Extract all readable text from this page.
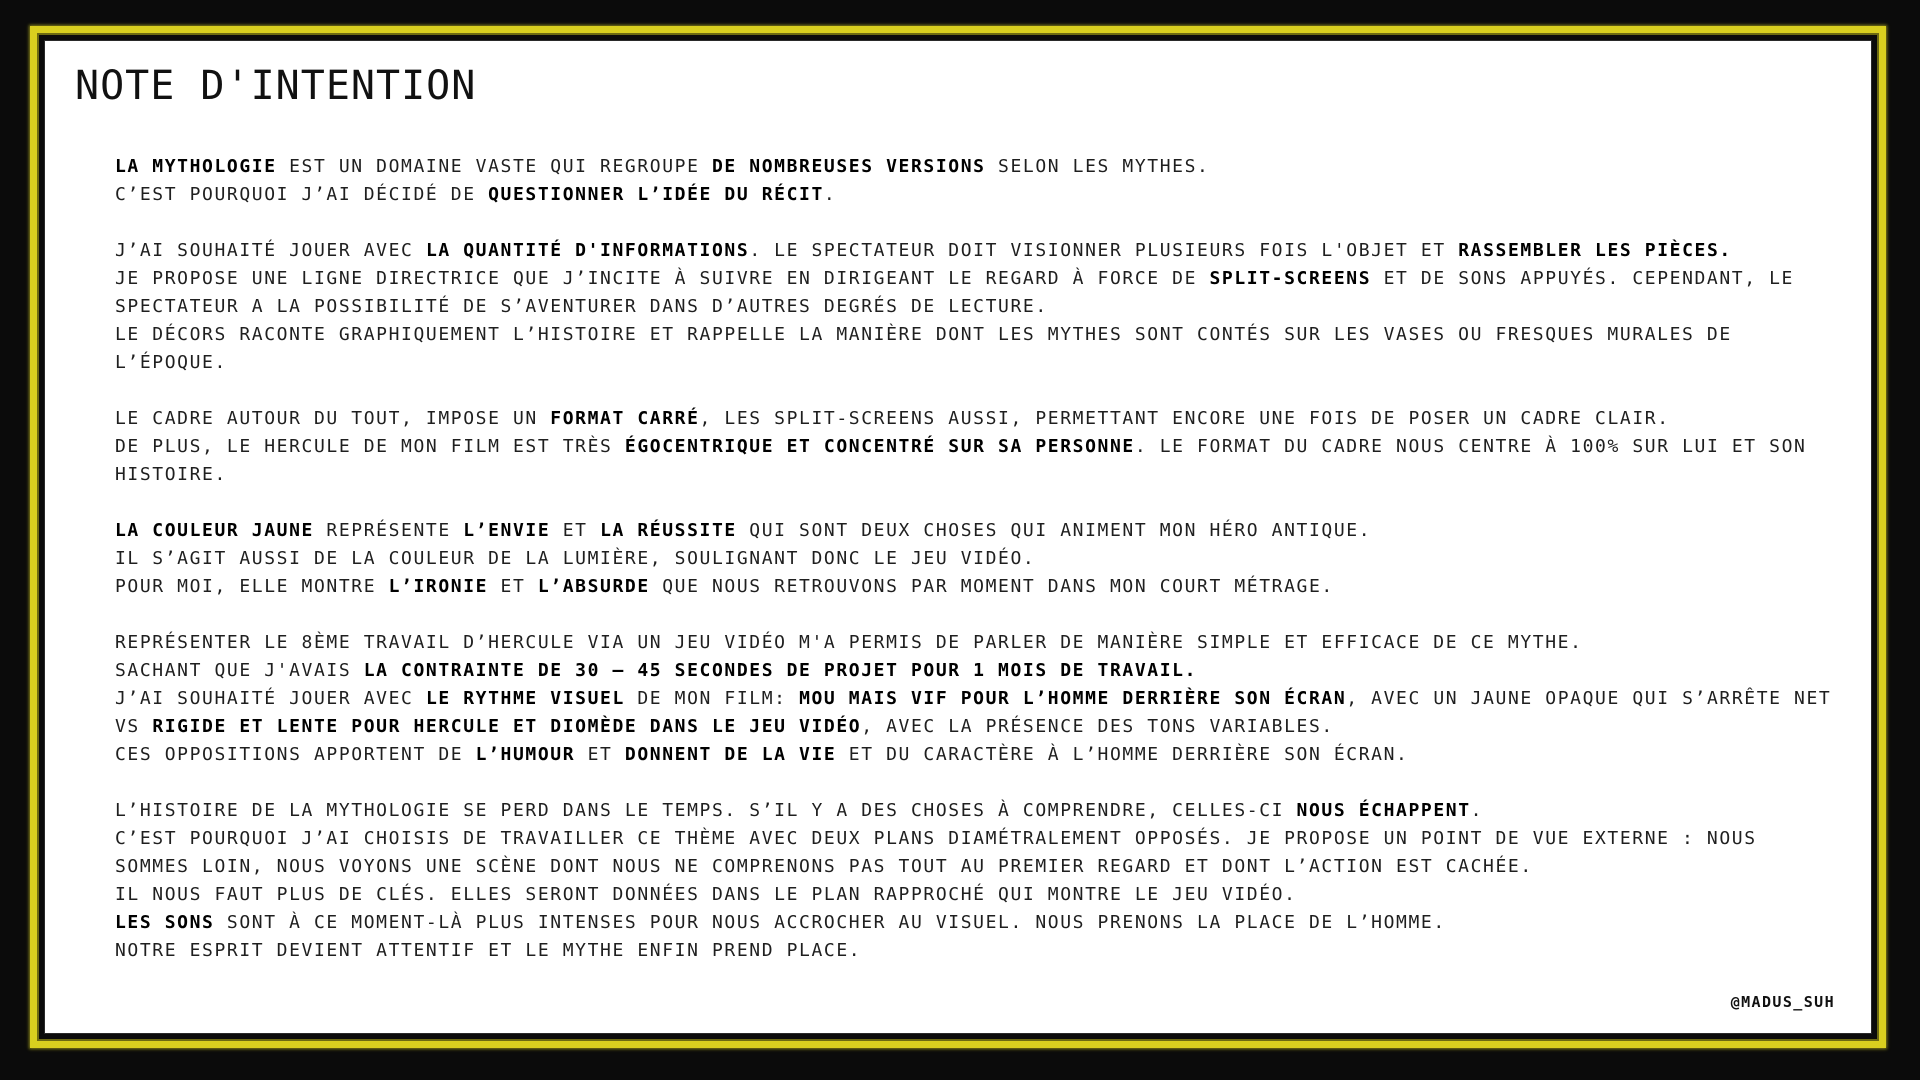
NOTE D'INTENTION
LA MYTHOLOGIE EST UN DOMAINE VASTE QUI REGROUPE DE NOMBREUSES VERSIONS SELON LES MYTHES.
C’EST POURQUOI J’AI DÉCIDÉ DE QUESTIONNER L’IDÉE DU RÉCIT.
J’AI SOUHAITÉ JOUER AVEC LA QUANTITÉ D'INFORMATIONS. LE SPECTATEUR DOIT VISIONNER PLUSIEURS FOIS L'OBJET ET RASSEMBLER LES PIÈCES.
JE PROPOSE UNE LIGNE DIRECTRICE QUE J’INCITE À SUIVRE EN DIRIGEANT LE REGARD À FORCE DE SPLIT-SCREENS ET DE SONS APPUYÉS. CEPENDANT, LE SPECTATEUR A LA POSSIBILITÉ DE S’AVENTURER DANS D’AUTRES DEGRÉS DE LECTURE.
LE DÉCORS RACONTE GRAPHIQUEMENT L’HISTOIRE ET RAPPELLE LA MANIÈRE DONT LES MYTHES SONT CONTÉS SUR LES VASES OU FRESQUES MURALES DE L’ÉPOQUE.
LE CADRE AUTOUR DU TOUT, IMPOSE UN FORMAT CARRÉ, LES SPLIT-SCREENS AUSSI, PERMETTANT ENCORE UNE FOIS DE POSER UN CADRE CLAIR.
DE PLUS, LE HERCULE DE MON FILM EST TRÈS ÉGOCENTRIQUE ET CONCENTRÉ SUR SA PERSONNE. LE FORMAT DU CADRE NOUS CENTRE À 100% SUR LUI ET SON HISTOIRE.
LA COULEUR JAUNE REPRÉSENTE L’ENVIE ET LA RÉUSSITE QUI SONT DEUX CHOSES QUI ANIMENT MON HÉRO ANTIQUE.
IL S’AGIT AUSSI DE LA COULEUR DE LA LUMIÈRE, SOULIGNANT DONC LE JEU VIDÉO.
POUR MOI, ELLE MONTRE L’IRONIE ET L’ABSURDE QUE NOUS RETROUVONS PAR MOMENT DANS MON COURT MÉTRAGE.
REPRÉSENTER LE 8ÈME TRAVAIL D’HERCULE VIA UN JEU VIDÉO M'A PERMIS DE PARLER DE MANIÈRE SIMPLE ET EFFICACE DE CE MYTHE.
SACHANT QUE J'AVAIS LA CONTRAINTE DE 30 – 45 SECONDES DE PROJET POUR 1 MOIS DE TRAVAIL.
J’AI SOUHAITÉ JOUER AVEC LE RYTHME VISUEL DE MON FILM: MOU MAIS VIF POUR L’HOMME DERRIÈRE SON ÉCRAN, AVEC UN JAUNE OPAQUE QUI S’ARRÊTE NET VS RIGIDE ET LENTE POUR HERCULE ET DIOMÈDE DANS LE JEU VIDÉO, AVEC LA PRÉSENCE DES TONS VARIABLES.
CES OPPOSITIONS APPORTENT DE L’HUMOUR ET DONNENT DE LA VIE ET DU CARACTÈRE À L’HOMME DERRIÈRE SON ÉCRAN.
L’HISTOIRE DE LA MYTHOLOGIE SE PERD DANS LE TEMPS. S’IL Y A DES CHOSES À COMPRENDRE, CELLES-CI NOUS ÉCHAPPENT.
C’EST POURQUOI J’AI CHOISIS DE TRAVAILLER CE THÈME AVEC DEUX PLANS DIAMÉTRALEMENT OPPOSÉS. JE PROPOSE UN POINT DE VUE EXTERNE : NOUS SOMMES LOIN, NOUS VOYONS UNE SCÈNE DONT NOUS NE COMPRENONS PAS TOUT AU PREMIER REGARD ET DONT L’ACTION EST CACHÉE.
IL NOUS FAUT PLUS DE CLÉS. ELLES SERONT DONNÉES DANS LE PLAN RAPPROCHÉ QUI MONTRE LE JEU VIDÉO.
LES SONS SONT À CE MOMENT-LÀ PLUS INTENSES POUR NOUS ACCROCHER AU VISUEL. NOUS PRENONS LA PLACE DE L’HOMME.
NOTRE ESPRIT DEVIENT ATTENTIF ET LE MYTHE ENFIN PREND PLACE.
@MADUS_SUH
